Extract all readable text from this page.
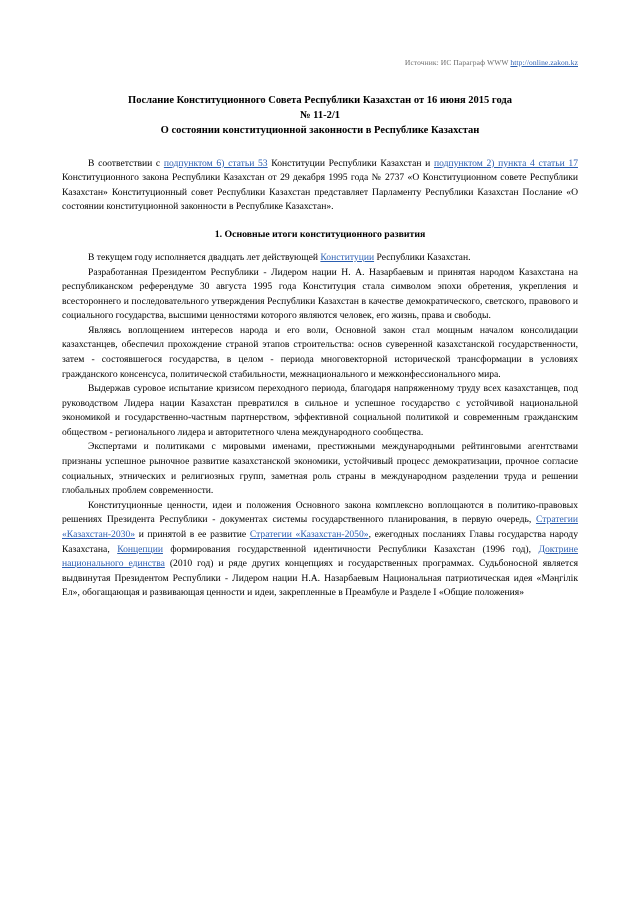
Источник: ИС Параграф WWW http://online.zakon.kz
Послание Конституционного Совета Республики Казахстан от 16 июня 2015 года
№ 11-2/1
О состоянии конституционной законности в Республике Казахстан

В соответствии с подпунктом 6) статьи 53 Конституции Республики Казахстан и подпунктом 2) пункта 4 статьи 17 Конституционного закона Республики Казахстан от 29 декабря 1995 года № 2737 «О Конституционном совете Республики Казахстан» Конституционный совет Республики Казахстан представляет Парламенту Республики Казахстан Послание «О состоянии конституционной законности в Республике Казахстан».

1. Основные итоги конституционного развития

В текущем году исполняется двадцать лет действующей Конституции Республики Казахстан.

Разработанная Президентом Республики - Лидером нации Н. А. Назарбаевым и принятая народом Казахстана на республиканском референдуме 30 августа 1995 года Конституция стала символом эпохи обретения, укрепления и всестороннего и последовательного утверждения Республики Казахстан в качестве демократического, светского, правового и социального государства, высшими ценностями которого являются человек, его жизнь, права и свободы.

Являясь воплощением интересов народа и его воли, Основной закон стал мощным началом консолидации казахстанцев, обеспечил прохождение страной этапов строительства: основ суверенной казахстанской государственности, затем - состоявшегося государства, в целом - периода многовекторной исторической трансформации в условиях гражданского консенсуса, политической стабильности, межнационального и межконфессионального мира.

Выдержав суровое испытание кризисом переходного периода, благодаря напряженному труду всех казахстанцев, под руководством Лидера нации Казахстан превратился в сильное и успешное государство с устойчивой национальной экономикой и государственно-частным партнерством, эффективной социальной политикой и современным гражданским обществом - регионального лидера и авторитетного члена международного сообщества.

Экспертами и политиками с мировыми именами, престижными международными рейтинговыми агентствами признаны успешное рыночное развитие казахстанской экономики, устойчивый процесс демократизации, прочное согласие социальных, этнических и религиозных групп, заметная роль страны в международном разделении труда и решении глобальных проблем современности.

Конституционные ценности, идеи и положения Основного закона комплексно воплощаются в политико-правовых решениях Президента Республики - документах системы государственного планирования, в первую очередь, Стратегии «Казахстан-2030» и принятой в ее развитие Стратегии «Казахстан-2050», ежегодных посланиях Главы государства народу Казахстана, Концепции формирования государственной идентичности Республики Казахстан (1996 год), Доктрине национального единства (2010 год) и ряде других концепциях и государственных программах. Судьбоносной является выдвинутая Президентом Республики - Лидером нации Н.А. Назарбаевым Национальная патриотическая идея «Мәңгілік Ел», обогащающая и развивающая ценности и идеи, закрепленные в Преамбуле и Разделе I «Общие положения»
